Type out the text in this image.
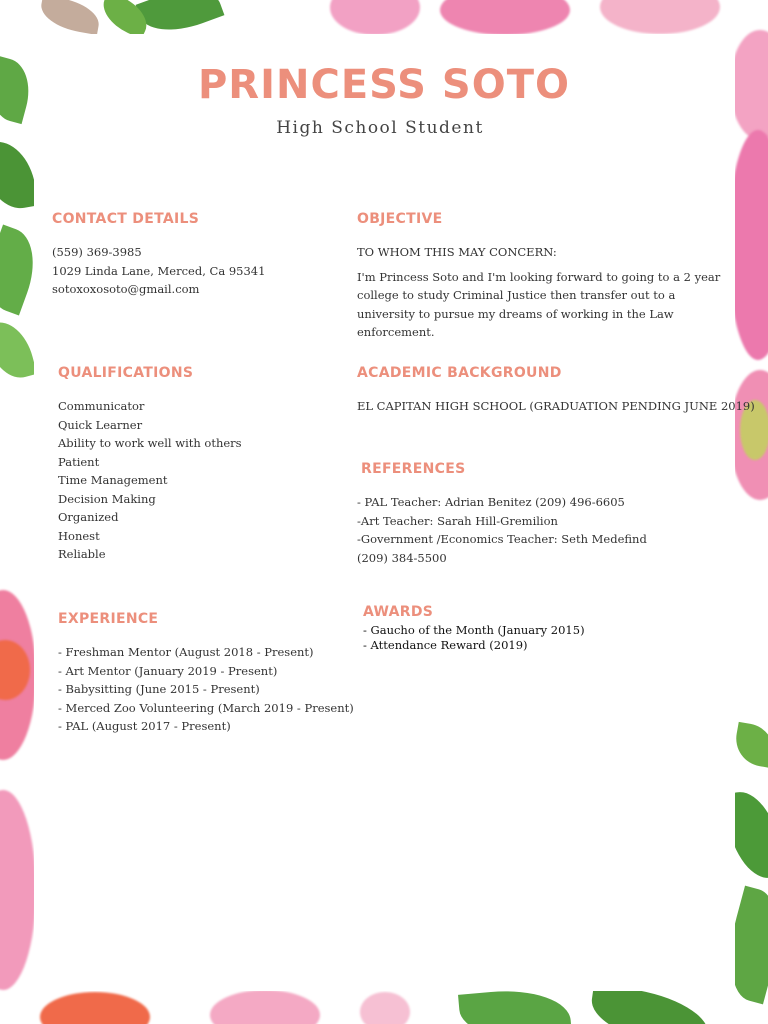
PRINCESS SOTO
High School Student
CONTACT DETAILS
(559) 369-3985
1029 Linda Lane, Merced, Ca 95341
sotoxoxosoto@gmail.com
OBJECTIVE
TO WHOM THIS MAY CONCERN:
I'm Princess Soto and I'm looking forward to going to a 2 year
college to study Criminal Justice then transfer out to a
university to pursue my dreams of working in the Law
enforcement.
QUALIFICATIONS
Communicator
Quick Learner
Ability to work well with others
Patient
Time Management
Decision Making
Organized
Honest
Reliable
ACADEMIC BACKGROUND
EL CAPITAN HIGH SCHOOL (GRADUATION PENDING JUNE 2019)
REFERENCES
- PAL Teacher: Adrian Benitez (209) 496-6605
-Art Teacher: Sarah Hill-Gremilion
-Government /Economics Teacher: Seth Medefind
(209) 384-5500
EXPERIENCE
- Freshman Mentor (August 2018 - Present)
- Art Mentor (January 2019 - Present)
- Babysitting (June 2015 - Present)
- Merced Zoo Volunteering (March 2019 - Present)
- PAL (August 2017 - Present)
AWARDS
- Gaucho of the Month (January 2015)
- Attendance Reward (2019)
